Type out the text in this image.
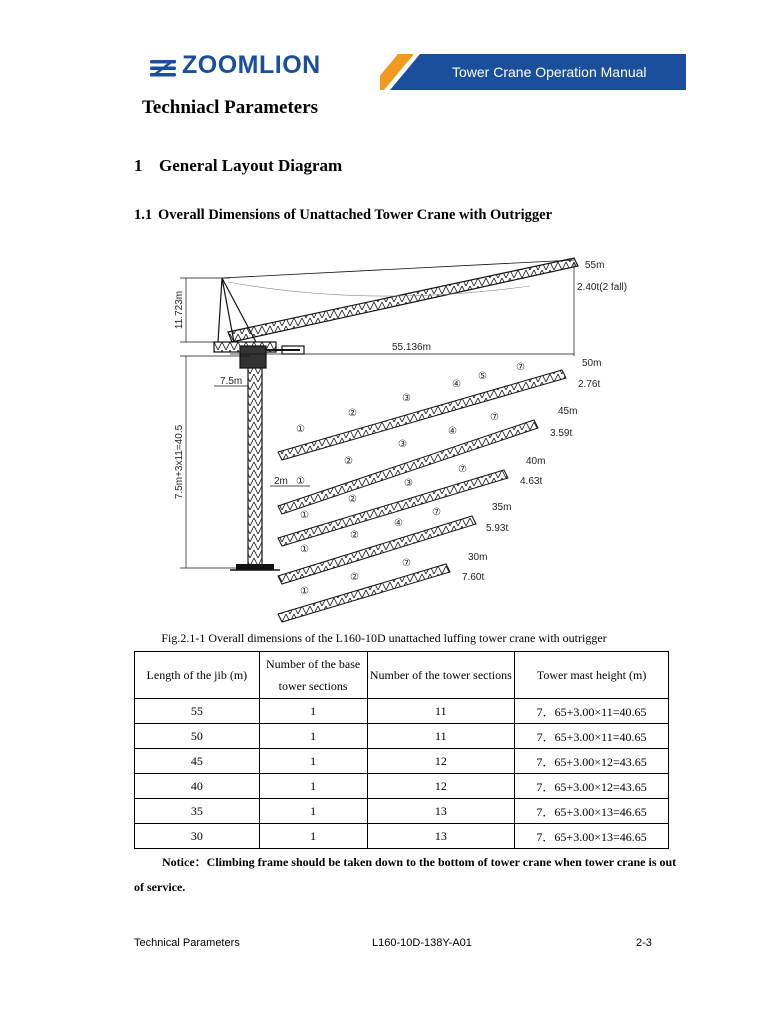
ZOOMLION	Tower Crane Operation Manual
Techniacl Parameters
1 General Layout Diagram
1.1 Overall Dimensions of Unattached Tower Crane with Outrigger
11.723m
7.5m+3x11=40.5
55.136m
7.5m
2m
55m
2.40t(2 fall)
50m
2.76t
①
②
③
④
⑤
⑦
45m
3.59t
①
②
③
④
⑦
40m
4.63t
①
②
③
⑦
35m
5.93t
①
②
④
⑦
30m
7.60t
①
②
⑦
Fig.2.1-1 Overall dimensions of the L160-10D unattached luffing tower crane with outrigger
Length of the jib (m)	Number of the base tower sections	Number of the tower sections	Tower mast height (m)
55	1	11	7．65+3.00×11=40.65
50	1	11	7．65+3.00×11=40.65
45	1	12	7．65+3.00×12=43.65
40	1	12	7．65+3.00×12=43.65
35	1	13	7．65+3.00×13=46.65
30	1	13	7．65+3.00×13=46.65
Notice：Climbing frame should be taken down to the bottom of tower crane when tower crane is out of service.
Technical Parameters	L160-10D-138Y-A01	2-3
